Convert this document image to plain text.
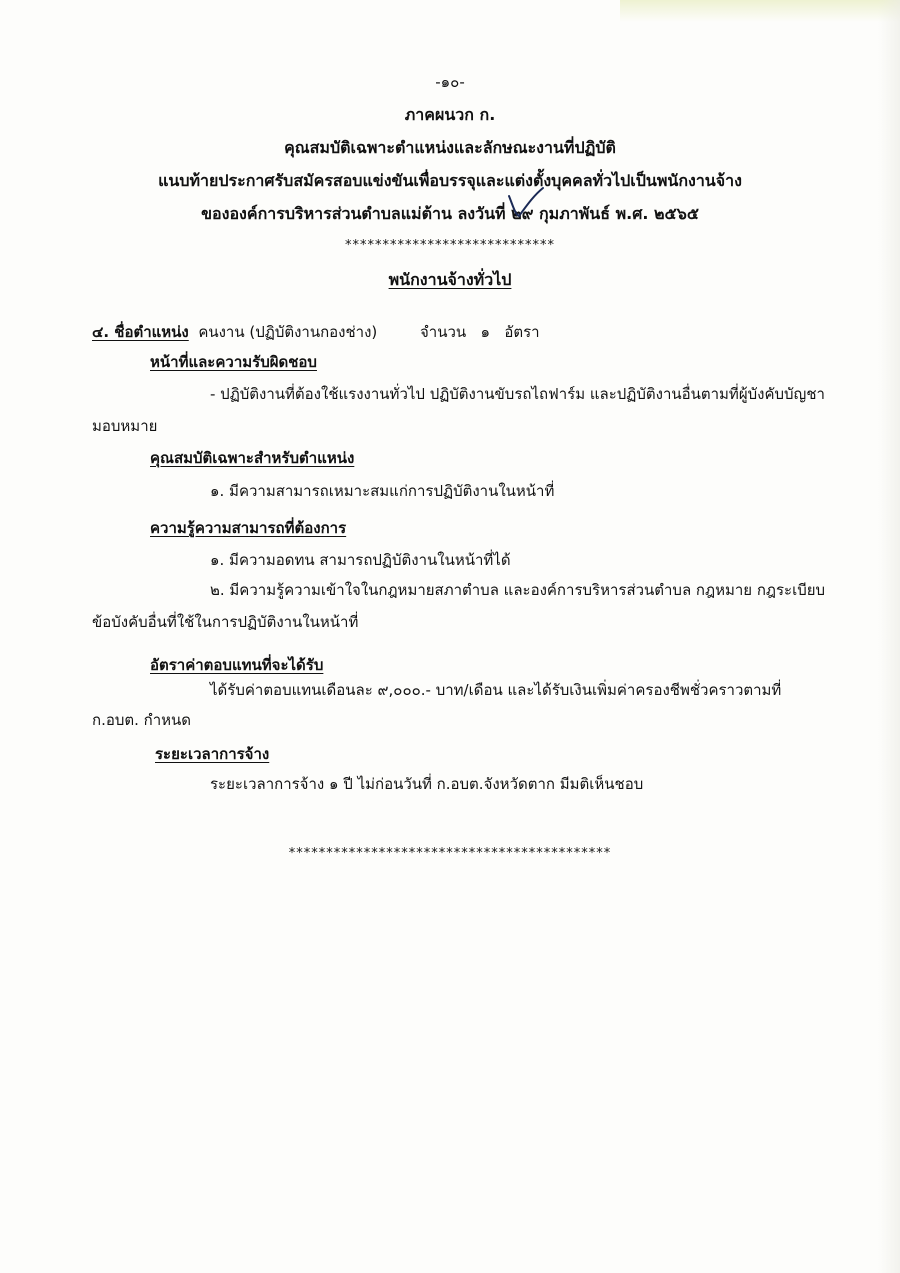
-๑๐-
ภาคผนวก ก.
คุณสมบัติเฉพาะตำแหน่งและลักษณะงานที่ปฏิบัติ
แนบท้ายประกาศรับสมัครสอบแข่งขันเพื่อบรรจุและแต่งตั้งบุคคลทั่วไปเป็นพนักงานจ้าง
ขององค์การบริหารส่วนตำบลแม่ต้าน ลงวันที่ ๒๙ กุมภาพันธ์ พ.ศ. ๒๕๖๕
****************************
พนักงานจ้างทั่วไป
๔. ชื่อตำแหน่ง คนงาน (ปฏิบัติงานกองช่าง)	จำนวน ๑ อัตรา
หน้าที่และความรับผิดชอบ
- ปฏิบัติงานที่ต้องใช้แรงงานทั่วไป ปฏิบัติงานขับรถไถฟาร์ม และปฏิบัติงานอื่นตามที่ผู้บังคับบัญชา
มอบหมาย
คุณสมบัติเฉพาะสำหรับตำแหน่ง
๑. มีความสามารถเหมาะสมแก่การปฏิบัติงานในหน้าที่
ความรู้ความสามารถที่ต้องการ
๑. มีความอดทน สามารถปฏิบัติงานในหน้าที่ได้
๒. มีความรู้ความเข้าใจในกฎหมายสภาตำบล และองค์การบริหารส่วนตำบล กฎหมาย กฎระเบียบ
ข้อบังคับอื่นที่ใช้ในการปฏิบัติงานในหน้าที่
อัตราค่าตอบแทนที่จะได้รับ
ได้รับค่าตอบแทนเดือนละ ๙,๐๐๐.- บาท/เดือน และได้รับเงินเพิ่มค่าครองชีพชั่วคราวตามที่
ก.อบต. กำหนด
ระยะเวลาการจ้าง
ระยะเวลาการจ้าง ๑ ปี ไม่ก่อนวันที่ ก.อบต.จังหวัดตาก มีมติเห็นชอบ
*******************************************
